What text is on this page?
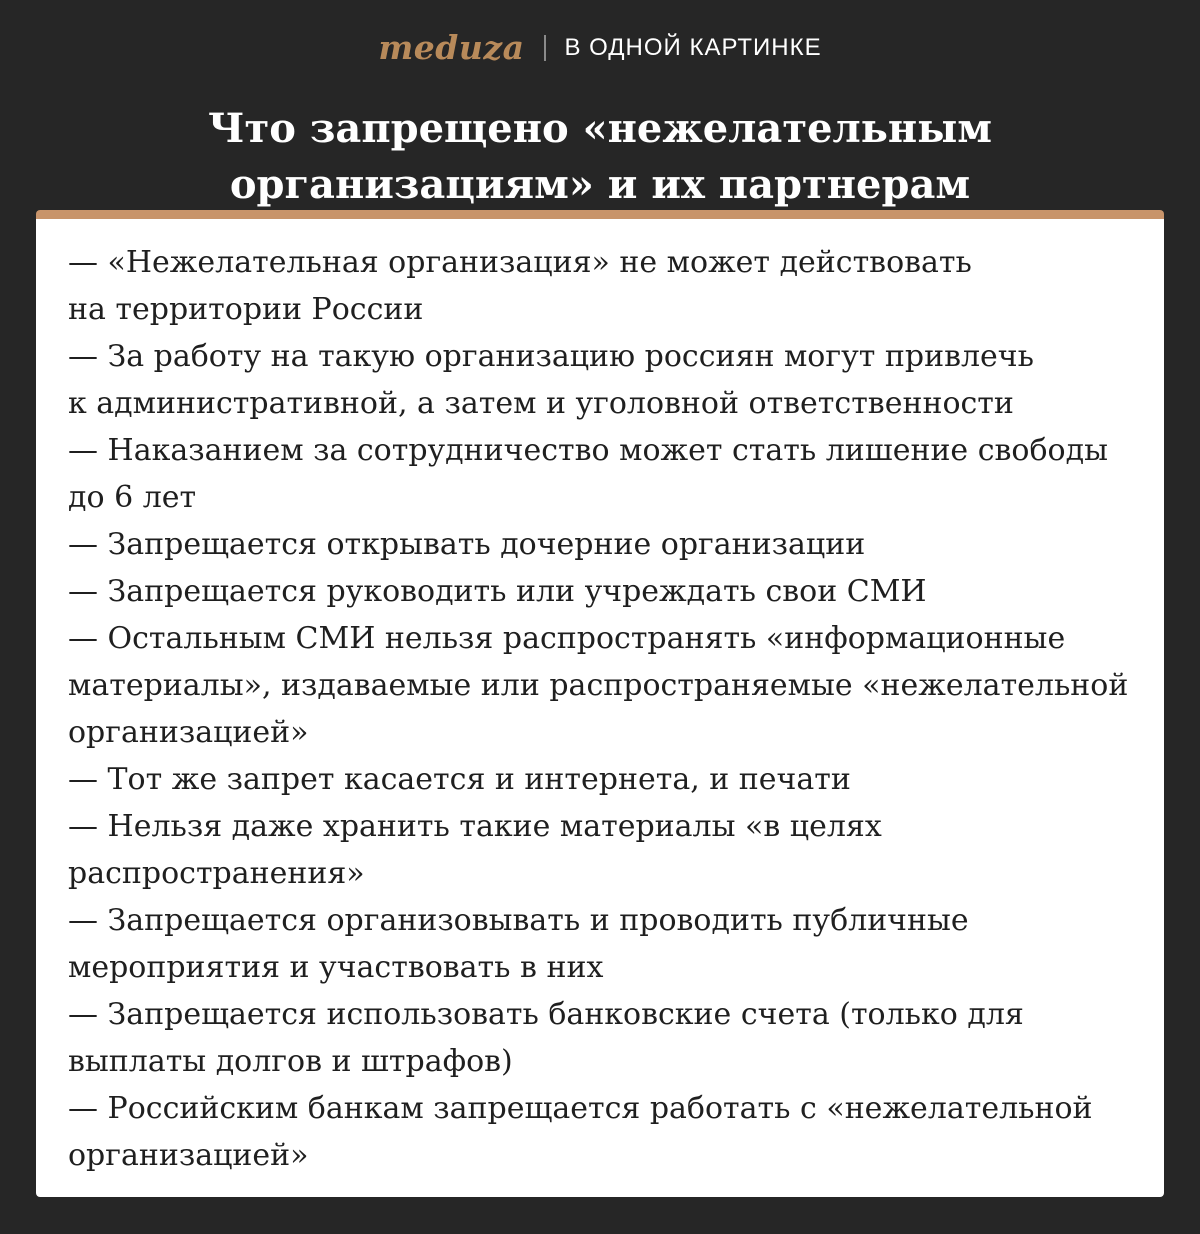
meduza В ОДНОЙ КАРТИНКЕ
Что запрещено «нежелательным
организациям» и их партнерам
— «Нежелательная организация» не может действовать
на территории России
— За работу на такую организацию россиян могут привлечь
к административной, а затем и уголовной ответственности
— Наказанием за сотрудничество может стать лишение свободы
до 6 лет
— Запрещается открывать дочерние организации
— Запрещается руководить или учреждать свои СМИ
— Остальным СМИ нельзя распространять «информационные
материалы», издаваемые или распространяемые «нежелательной
организацией»
— Тот же запрет касается и интернета, и печати
— Нельзя даже хранить такие материалы «в целях
распространения»
— Запрещается организовывать и проводить публичные
мероприятия и участвовать в них
— Запрещается использовать банковские счета (только для
выплаты долгов и штрафов)
— Российским банкам запрещается работать с «нежелательной
организацией»
